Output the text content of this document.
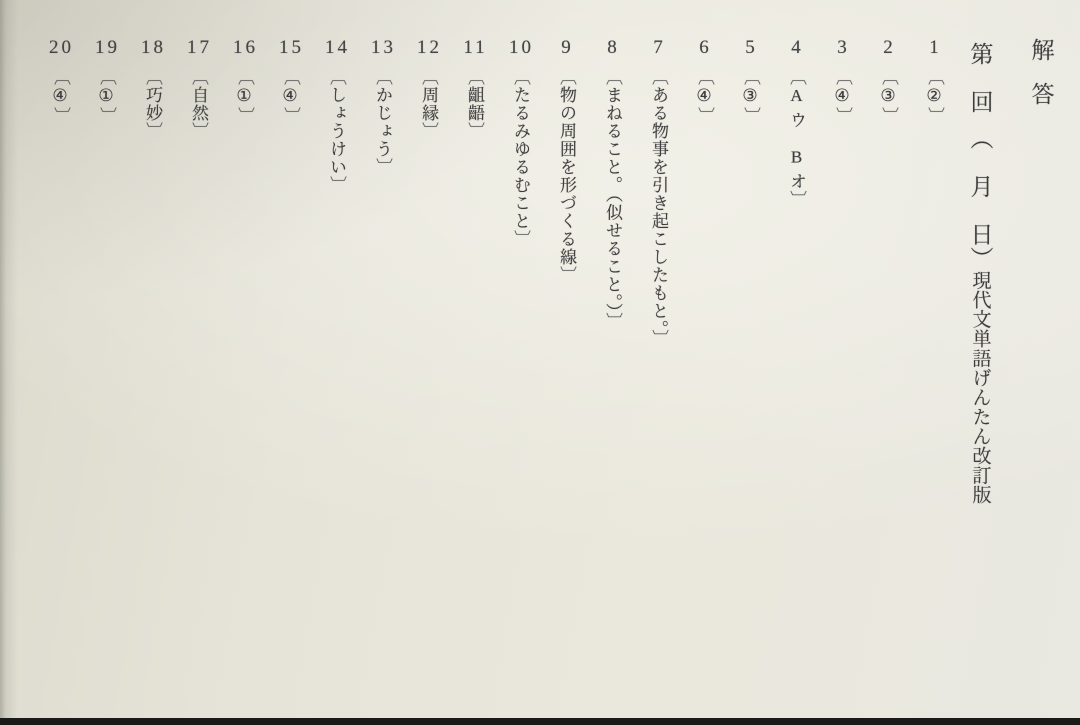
解答
第　回　（　月　日）現代文単語げんたん改訂版
1
〔②〕
2
〔③〕
3
〔④〕
4
〔A ウ　B オ〕
5
〔③〕
6
〔④〕
7
〔ある物事を引き起こしたもと。〕
8
〔まねること。（似せること。）〕
9
〔物の周囲を形づくる線〕
10
〔たるみゆるむこと〕
11
〔齟齬〕
12
〔周縁〕
13
〔かじょう〕
14
〔しょうけい〕
15
〔④〕
16
〔①〕
17
〔自然〕
18
〔巧妙〕
19
〔①〕
20
〔④〕
